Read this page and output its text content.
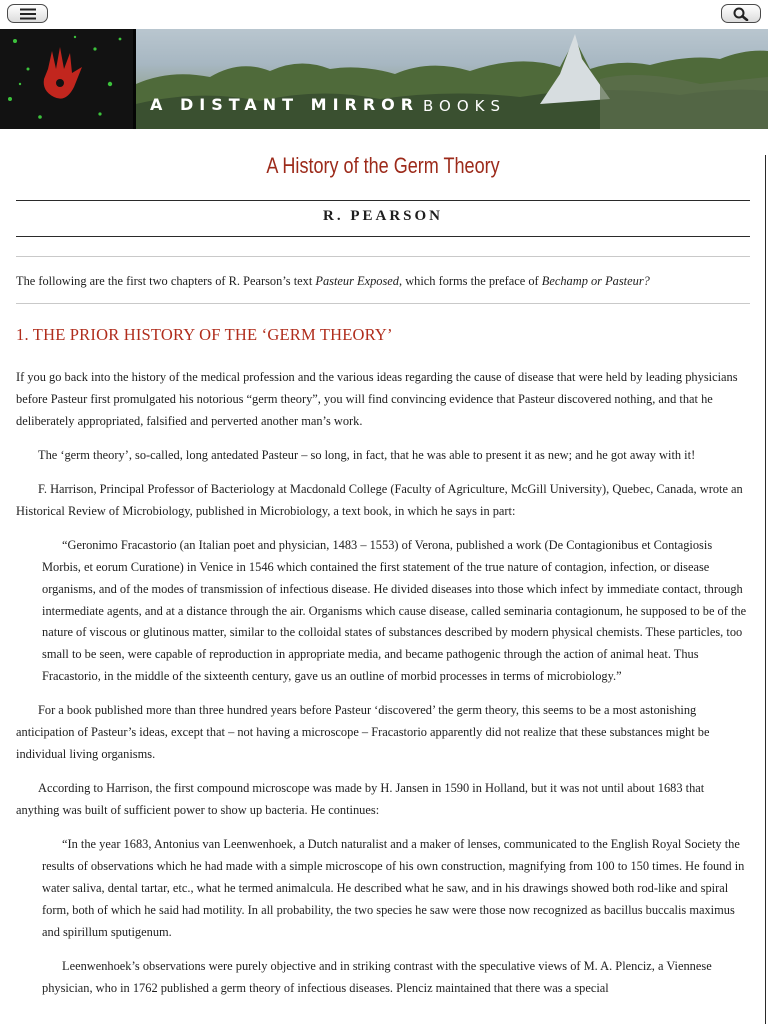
A DISTANT MIRROR BOOKS
A History of the Germ Theory
R. PEARSON
The following are the first two chapters of R. Pearson’s text Pasteur Exposed, which forms the preface of Bechamp or Pasteur?
1. THE PRIOR HISTORY OF THE ‘GERM THEORY’

If you go back into the history of the medical profession and the various ideas regarding the cause of disease that were held by leading physicians before Pasteur first promulgated his notorious “germ theory”, you will find convincing evidence that Pasteur discovered nothing, and that he deliberately appropriated, falsified and perverted another man’s work.

The ‘germ theory’, so-called, long antedated Pasteur – so long, in fact, that he was able to present it as new; and he got away with it!

F. Harrison, Principal Professor of Bacteriology at Macdonald College (Faculty of Agriculture, McGill University), Quebec, Canada, wrote an Historical Review of Microbiology, published in Microbiology, a text book, in which he says in part:

“Geronimo Fracastorio (an Italian poet and physician, 1483 – 1553) of Verona, published a work (De Contagionibus et Contagiosis Morbis, et eorum Curatione) in Venice in 1546 which contained the first statement of the true nature of contagion, infection, or disease organisms, and of the modes of transmission of infectious disease. He divided diseases into those which infect by immediate contact, through intermediate agents, and at a distance through the air. Organisms which cause disease, called seminaria contagionum, he supposed to be of the nature of viscous or glutinous matter, similar to the colloidal states of substances described by modern physical chemists. These particles, too small to be seen, were capable of reproduction in appropriate media, and became pathogenic through the action of animal heat. Thus Fracastorio, in the middle of the sixteenth century, gave us an outline of morbid processes in terms of microbiology.”

For a book published more than three hundred years before Pasteur ‘discovered’ the germ theory, this seems to be a most astonishing anticipation of Pasteur’s ideas, except that – not having a microscope – Fracastorio apparently did not realize that these substances might be individual living organisms.

According to Harrison, the first compound microscope was made by H. Jansen in 1590 in Holland, but it was not until about 1683 that anything was built of sufficient power to show up bacteria. He continues:

“In the year 1683, Antonius van Leenwenhoek, a Dutch naturalist and a maker of lenses, communicated to the English Royal Society the results of observations which he had made with a simple microscope of his own construction, magnifying from 100 to 150 times. He found in water saliva, dental tartar, etc., what he termed animalcula. He described what he saw, and in his drawings showed both rod-like and spiral form, both of which he said had motility. In all probability, the two species he saw were those now recognized as bacillus buccalis maximus and spirillum sputigenum.

Leenwenhoek’s observations were purely objective and in striking contrast with the speculative views of M. A. Plenciz, a Viennese physician, who in 1762 published a germ theory of infectious diseases. Plenciz maintained that there was a special
